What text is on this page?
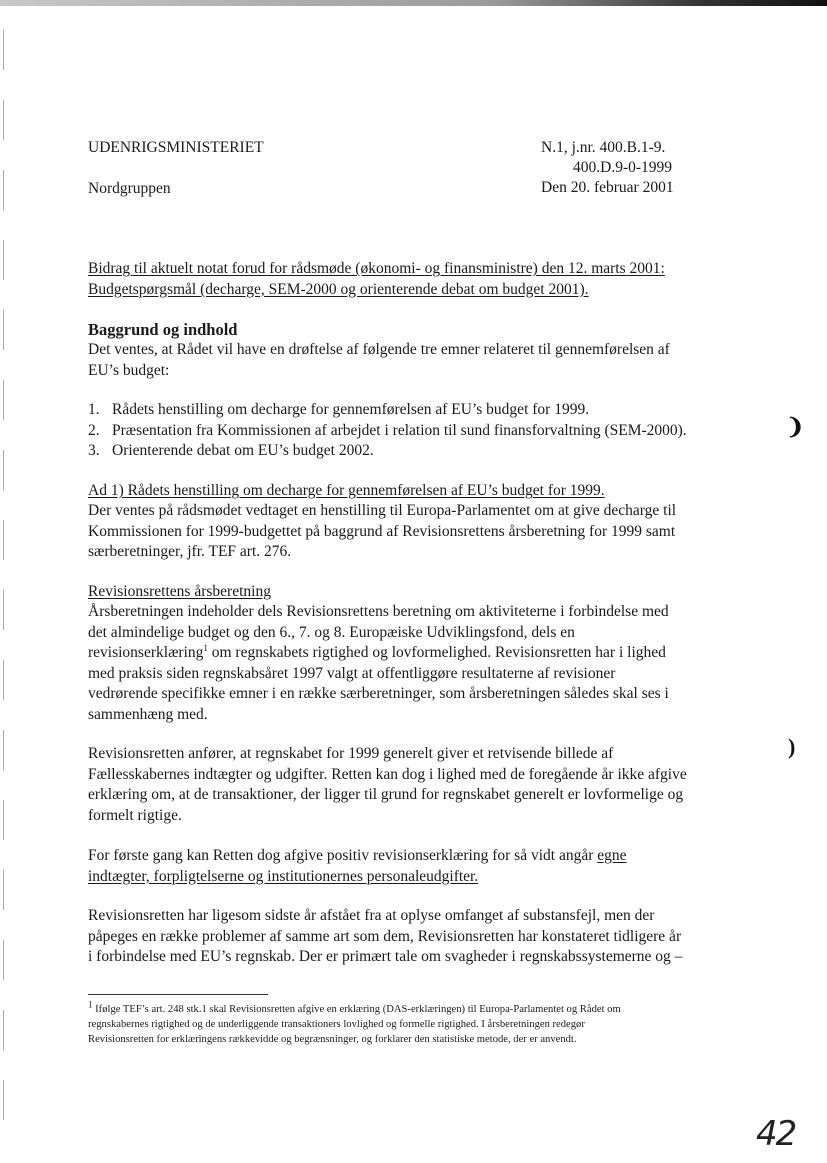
UDENRIGSMINISTERIET
Nordgruppen
N.1, j.nr. 400.B.1-9.
400.D.9-0-1999
Den 20. februar 2001
Bidrag til aktuelt notat forud for rådsmøde (økonomi- og finansministre) den 12. marts 2001:
Budgetspørgsmål (decharge, SEM-2000 og orienterende debat om budget 2001).
Baggrund og indhold
Det ventes, at Rådet vil have en drøftelse af følgende tre emner relateret til gennemførelsen af
EU’s budget:
1. Rådets henstilling om decharge for gennemførelsen af EU’s budget for 1999.
2. Præsentation fra Kommissionen af arbejdet i relation til sund finansforvaltning (SEM-2000).
3. Orienterende debat om EU’s budget 2002.
Ad 1) Rådets henstilling om decharge for gennemførelsen af EU’s budget for 1999.
Der ventes på rådsmødet vedtaget en henstilling til Europa-Parlamentet om at give decharge til
Kommissionen for 1999-budgettet på baggrund af Revisionsrettens årsberetning for 1999 samt
særberetninger, jfr. TEF art. 276.
Revisionsrettens årsberetning
Årsberetningen indeholder dels Revisionsrettens beretning om aktiviteterne i forbindelse med
det almindelige budget og den 6., 7. og 8. Europæiske Udviklingsfond, dels en
revisionserklæring$^1$ om regnskabets rigtighed og lovformelighed. Revisionsretten har i lighed
med praksis siden regnskabsåret 1997 valgt at offentliggøre resultaterne af revisioner
vedrørende specifikke emner i en række særberetninger, som årsberetningen således skal ses i
sammenhæng med.
Revisionsretten anfører, at regnskabet for 1999 generelt giver et retvisende billede af
Fællesskabernes indtægter og udgifter. Retten kan dog i lighed med de foregående år ikke afgive
erklæring om, at de transaktioner, der ligger til grund for regnskabet generelt er lovformelige og
formelt rigtige.
For første gang kan Retten dog afgive positiv revisionserklæring for så vidt angår egne
indtægter, forpligtelserne og institutionernes personaleudgifter.
Revisionsretten har ligesom sidste år afstået fra at oplyse omfanget af substansfejl, men der
påpeges en række problemer af samme art som dem, Revisionsretten har konstateret tidligere år
i forbindelse med EU’s regnskab. Der er primært tale om svagheder i regnskabssystemerne og –
$^1$ Ifølge TEF’s art. 248 stk.1 skal Revisionsretten afgive en erklæring (DAS-erklæringen) til Europa-Parlamentet og Rådet om
regnskabernes rigtighed og de underliggende transaktioners lovlighed og formelle rigtighed. I årsberetningen redegør
Revisionsretten for erklæringens rækkevidde og begrænsninger, og forklarer den statistiske metode, der er anvendt.
❩
)
42
